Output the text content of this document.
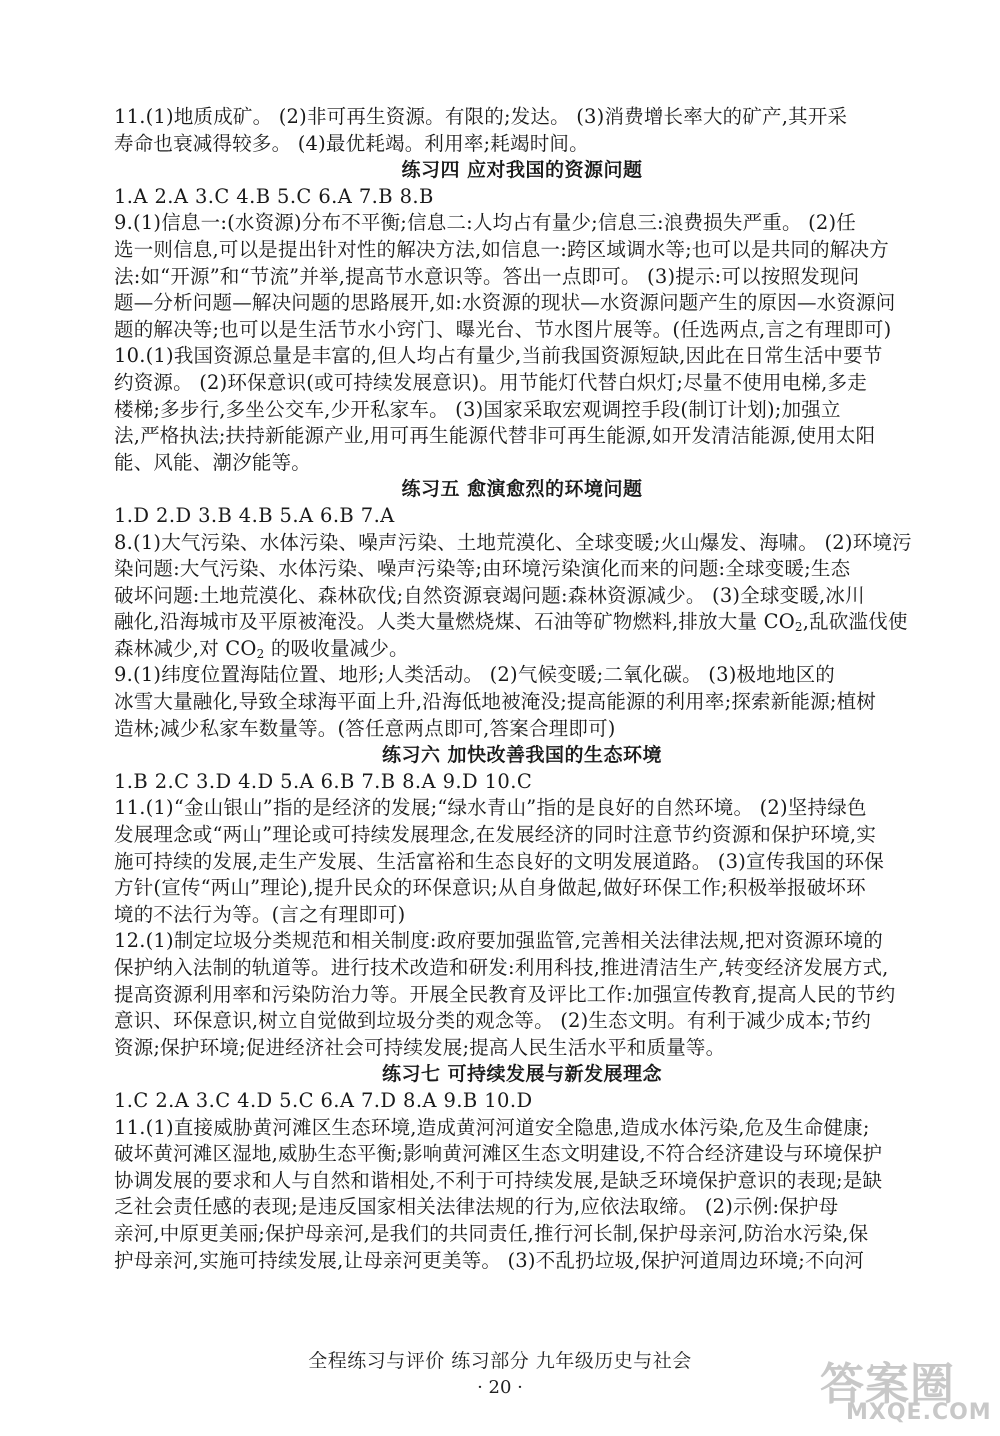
11.(1)地质成矿。 (2)非可再生资源。有限的;发达。 (3)消费增长率大的矿产,其开采
寿命也衰减得较多。 (4)最优耗竭。利用率;耗竭时间。
练习四 应对我国的资源问题
1.A 2.A 3.C 4.B 5.C 6.A 7.B 8.B
9.(1)信息一:(水资源)分布不平衡;信息二:人均占有量少;信息三:浪费损失严重。 (2)任
选一则信息,可以是提出针对性的解决方法,如信息一:跨区域调水等;也可以是共同的解决方
法:如“开源”和“节流”并举,提高节水意识等。答出一点即可。 (3)提示:可以按照发现问
题—分析问题—解决问题的思路展开,如:水资源的现状—水资源问题产生的原因—水资源问
题的解决等;也可以是生活节水小窍门、曝光台、节水图片展等。(任选两点,言之有理即可)
10.(1)我国资源总量是丰富的,但人均占有量少,当前我国资源短缺,因此在日常生活中要节
约资源。 (2)环保意识(或可持续发展意识)。用节能灯代替白炽灯;尽量不使用电梯,多走
楼梯;多步行,多坐公交车,少开私家车。 (3)国家采取宏观调控手段(制订计划);加强立
法,严格执法;扶持新能源产业,用可再生能源代替非可再生能源,如开发清洁能源,使用太阳
能、风能、潮汐能等。
练习五 愈演愈烈的环境问题
1.D 2.D 3.B 4.B 5.A 6.B 7.A
8.(1)大气污染、水体污染、噪声污染、土地荒漠化、全球变暖;火山爆发、海啸。 (2)环境污
染问题:大气污染、水体污染、噪声污染等;由环境污染演化而来的问题:全球变暖;生态
破坏问题:土地荒漠化、森林砍伐;自然资源衰竭问题:森林资源减少。 (3)全球变暖,冰川
融化,沿海城市及平原被淹没。人类大量燃烧煤、石油等矿物燃料,排放大量 $CO_2$,乱砍滥伐使
森林减少,对 $CO_2$ 的吸收量减少。
9.(1)纬度位置海陆位置、地形;人类活动。 (2)气候变暖;二氧化碳。 (3)极地地区的
冰雪大量融化,导致全球海平面上升,沿海低地被淹没;提高能源的利用率;探索新能源;植树
造林;减少私家车数量等。(答任意两点即可,答案合理即可)
练习六 加快改善我国的生态环境
1.B 2.C 3.D 4.D 5.A 6.B 7.B 8.A 9.D 10.C
11.(1)“金山银山”指的是经济的发展;“绿水青山”指的是良好的自然环境。 (2)坚持绿色
发展理念或“两山”理论或可持续发展理念,在发展经济的同时注意节约资源和保护环境,实
施可持续的发展,走生产发展、生活富裕和生态良好的文明发展道路。 (3)宣传我国的环保
方针(宣传“两山”理论),提升民众的环保意识;从自身做起,做好环保工作;积极举报破坏环
境的不法行为等。(言之有理即可)
12.(1)制定垃圾分类规范和相关制度:政府要加强监管,完善相关法律法规,把对资源环境的
保护纳入法制的轨道等。进行技术改造和研发:利用科技,推进清洁生产,转变经济发展方式,
提高资源利用率和污染防治力等。开展全民教育及评比工作:加强宣传教育,提高人民的节约
意识、环保意识,树立自觉做到垃圾分类的观念等。 (2)生态文明。有利于减少成本;节约
资源;保护环境;促进经济社会可持续发展;提高人民生活水平和质量等。
练习七 可持续发展与新发展理念
1.C 2.A 3.C 4.D 5.C 6.A 7.D 8.A 9.B 10.D
11.(1)直接威胁黄河滩区生态环境,造成黄河河道安全隐患,造成水体污染,危及生命健康;
破坏黄河滩区湿地,威胁生态平衡;影响黄河滩区生态文明建设,不符合经济建设与环境保护
协调发展的要求和人与自然和谐相处,不利于可持续发展,是缺乏环境保护意识的表现;是缺
乏社会责任感的表现;是违反国家相关法律法规的行为,应依法取缔。 (2)示例:保护母
亲河,中原更美丽;保护母亲河,是我们的共同责任,推行河长制,保护母亲河,防治水污染,保
护母亲河,实施可持续发展,让母亲河更美等。 (3)不乱扔垃圾,保护河道周边环境;不向河
全程练习与评价 练习部分 九年级历史与社会
· 20 ·	答案圈
MXQE.COM
